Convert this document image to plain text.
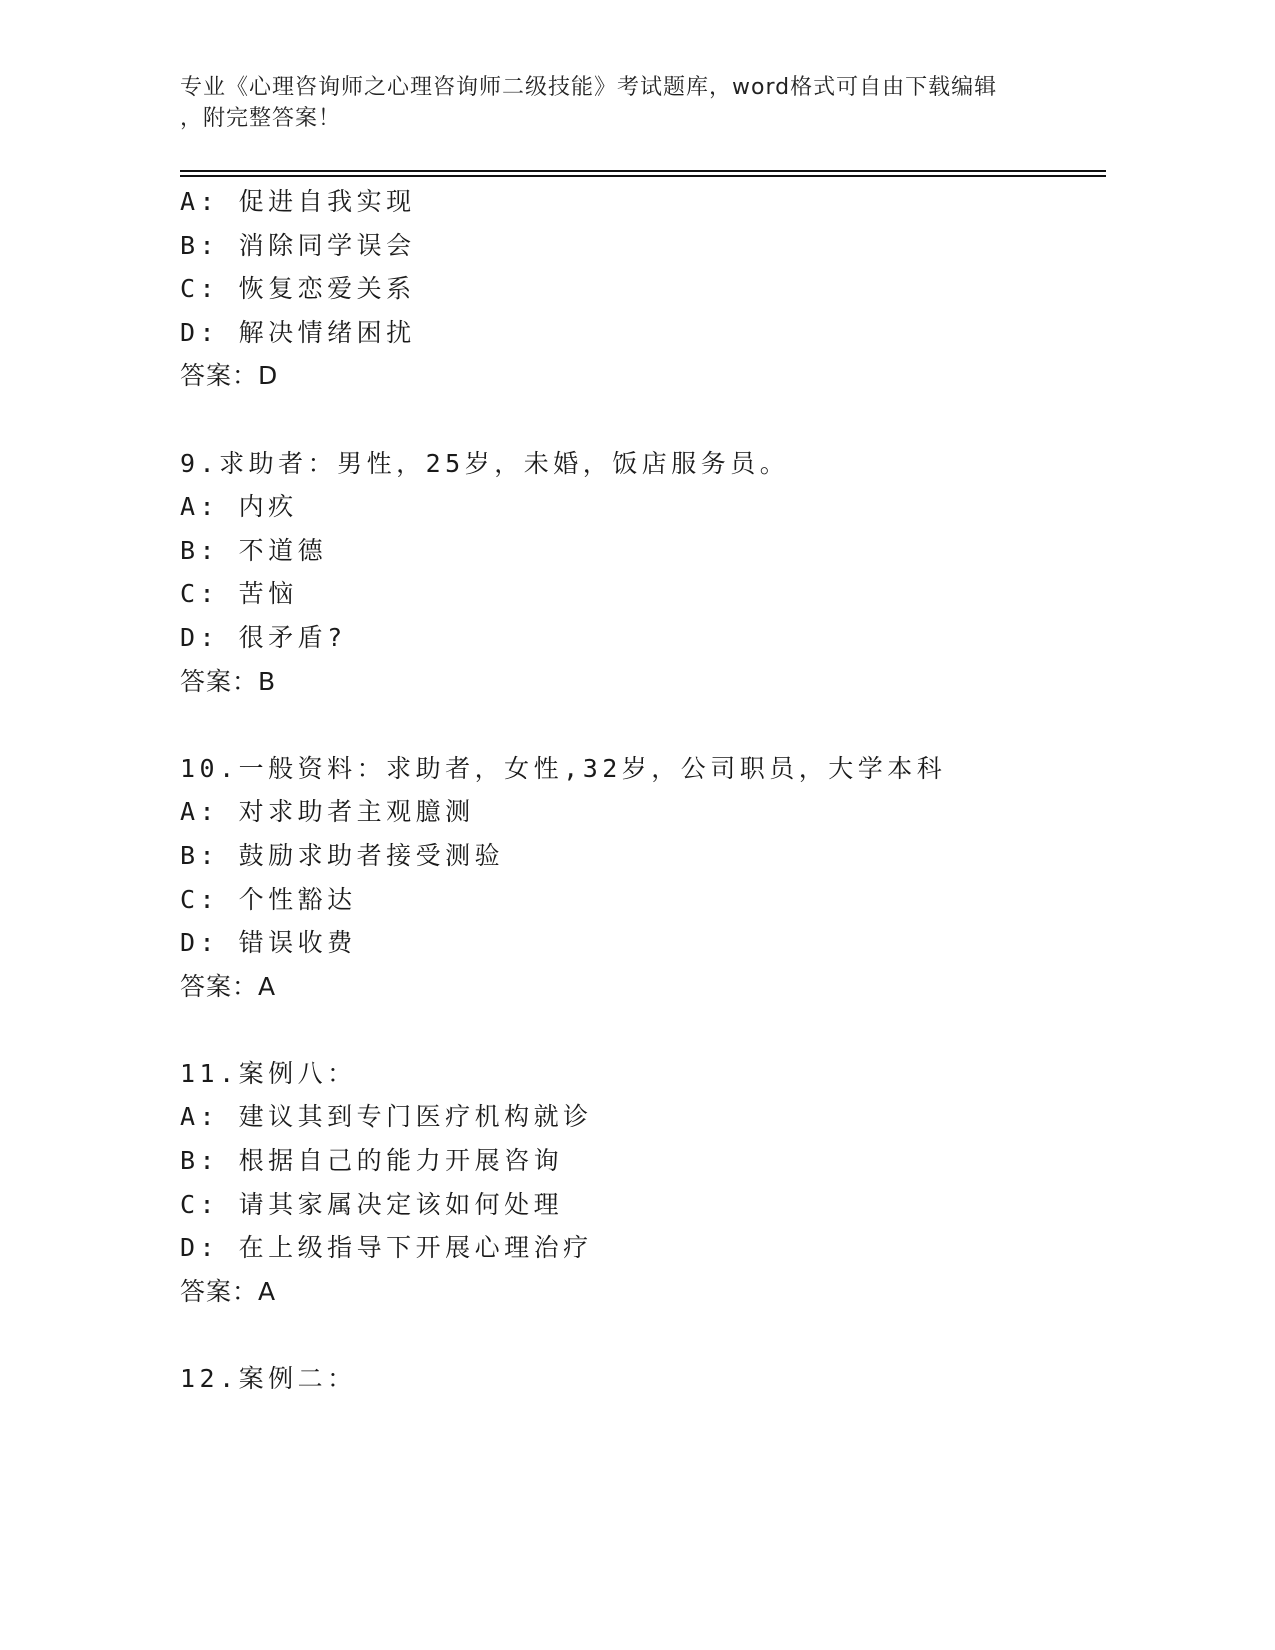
专业《心理咨询师之心理咨询师二级技能》考试题库，word格式可自由下载编辑
，附完整答案！
A: 促进自我实现
B: 消除同学误会
C: 恢复恋爱关系
D: 解决情绪困扰
答案：D
9.求助者：男性，25岁，未婚，饭店服务员。
A: 内疚
B: 不道德
C: 苦恼
D: 很矛盾?
答案：B
10.一般资料：求助者，女性,32岁，公司职员，大学本科
A: 对求助者主观臆测
B: 鼓励求助者接受测验
C: 个性豁达
D: 错误收费
答案：A
11.案例八：
A: 建议其到专门医疗机构就诊
B: 根据自己的能力开展咨询
C: 请其家属决定该如何处理
D: 在上级指导下开展心理治疗
答案：A
12.案例二：
